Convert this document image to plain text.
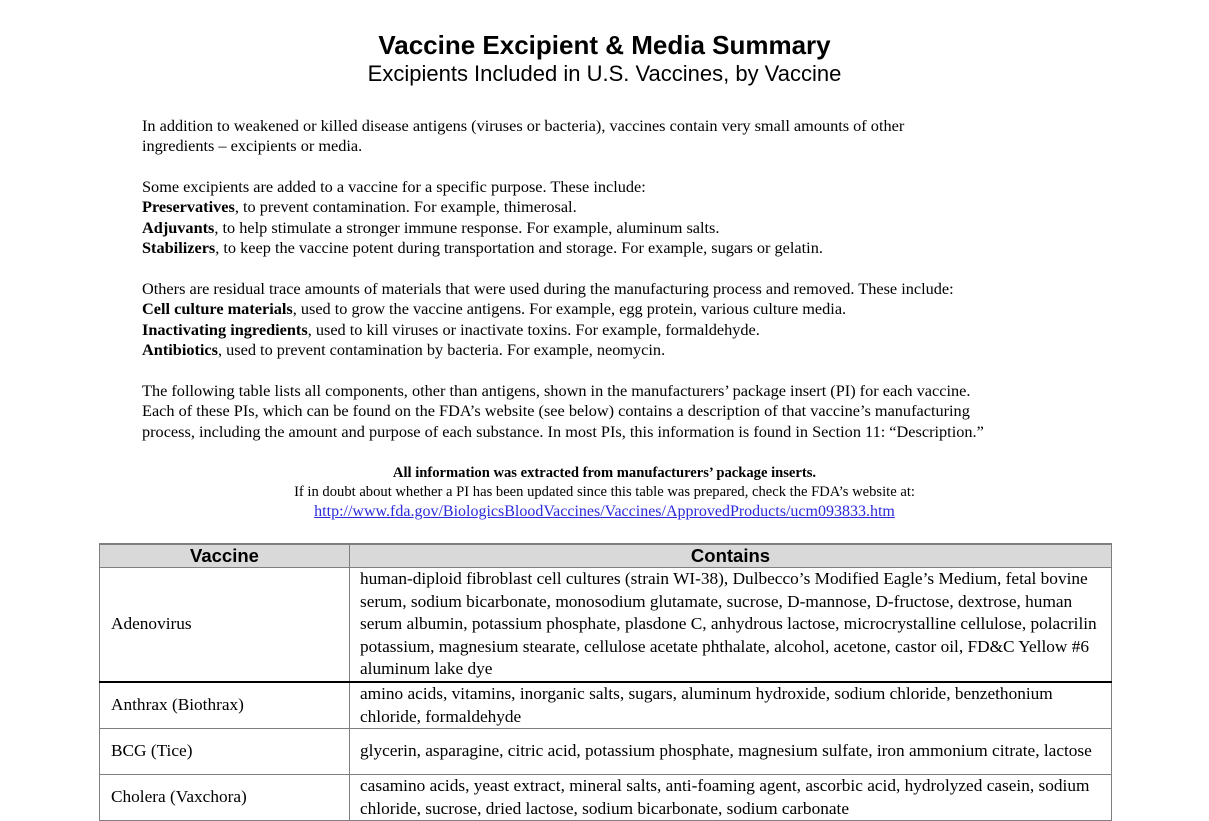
Vaccine Excipient & Media Summary
Excipients Included in U.S. Vaccines, by Vaccine

In addition to weakened or killed disease antigens (viruses or bacteria), vaccines contain very small amounts of other

ingredients – excipients or media.

Some excipients are added to a vaccine for a specific purpose. These include:

Preservatives, to prevent contamination. For example, thimerosal.

Adjuvants, to help stimulate a stronger immune response. For example, aluminum salts.

Stabilizers, to keep the vaccine potent during transportation and storage. For example, sugars or gelatin.

Others are residual trace amounts of materials that were used during the manufacturing process and removed. These include:

Cell culture materials, used to grow the vaccine antigens. For example, egg protein, various culture media.

Inactivating ingredients, used to kill viruses or inactivate toxins. For example, formaldehyde.

Antibiotics, used to prevent contamination by bacteria. For example, neomycin.

The following table lists all components, other than antigens, shown in the manufacturers’ package insert (PI) for each vaccine.

Each of these PIs, which can be found on the FDA’s website (see below) contains a description of that vaccine’s manufacturing

process, including the amount and purpose of each substance. In most PIs, this information is found in Section 11: “Description.”

All information was extracted from manufacturers’ package inserts.

If in doubt about whether a PI has been updated since this table was prepared, check the FDA’s website at:

http://www.fda.gov/BiologicsBloodVaccines/Vaccines/ApprovedProducts/ucm093833.htm

Vaccine	Contains
Adenovirus	human-diploid fibroblast cell cultures (strain WI-38), Dulbecco’s Modified Eagle’s Medium, fetal bovine serum, sodium bicarbonate, monosodium glutamate, sucrose, D-mannose, D-fructose, dextrose, human serum albumin, potassium phosphate, plasdone C, anhydrous lactose, microcrystalline cellulose, polacrilin potassium, magnesium stearate, cellulose acetate phthalate, alcohol, acetone, castor oil, FD&C Yellow #6 aluminum lake dye
Anthrax (Biothrax)	amino acids, vitamins, inorganic salts, sugars, aluminum hydroxide, sodium chloride, benzethonium chloride, formaldehyde
BCG (Tice)	glycerin, asparagine, citric acid, potassium phosphate, magnesium sulfate, iron ammonium citrate, lactose
Cholera (Vaxchora)	casamino acids, yeast extract, mineral salts, anti-foaming agent, ascorbic acid, hydrolyzed casein, sodium chloride, sucrose, dried lactose, sodium bicarbonate, sodium carbonate
